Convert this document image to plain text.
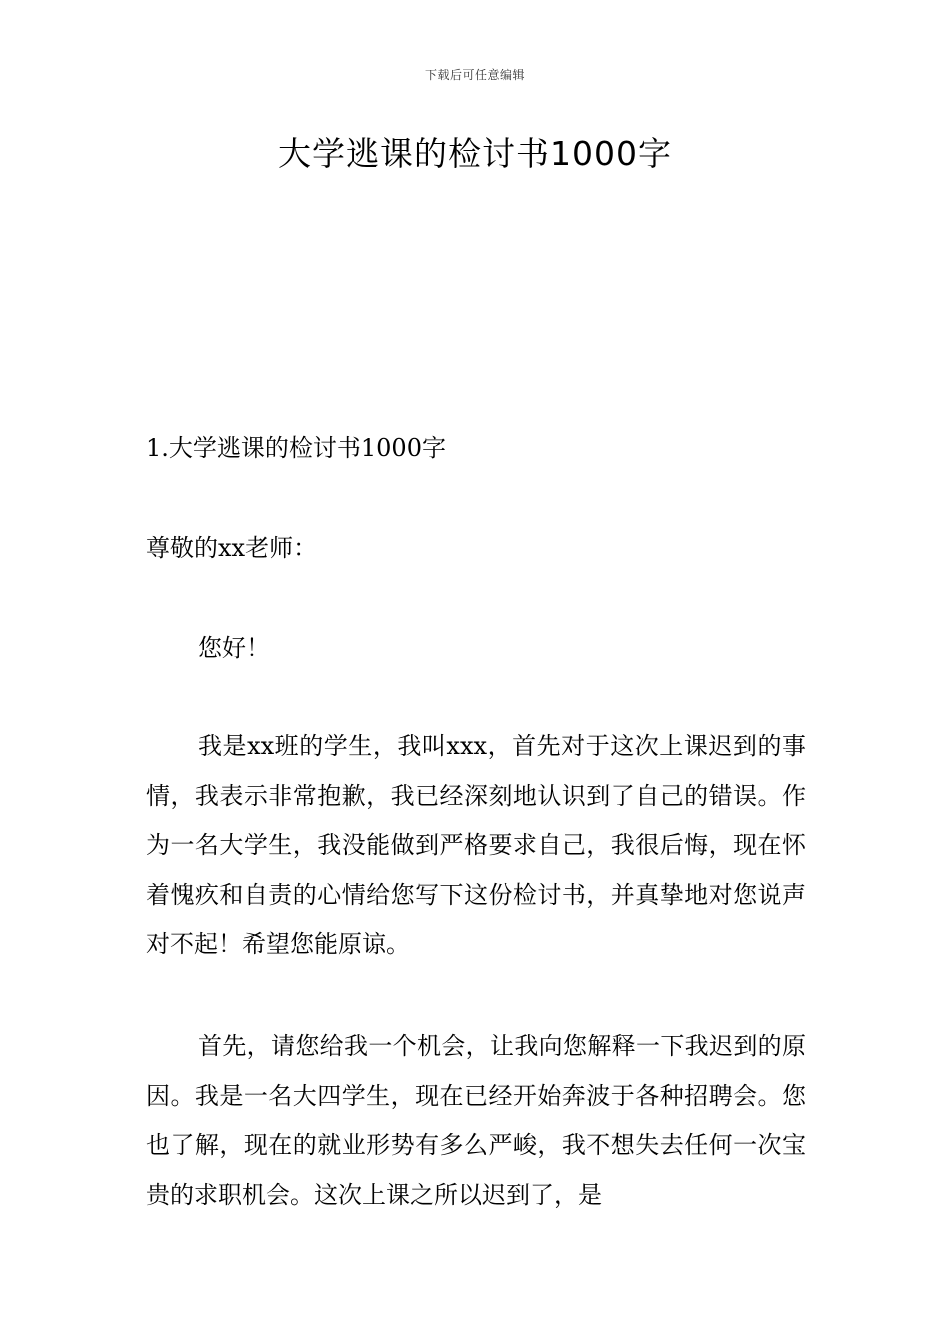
下载后可任意编辑
大学逃课的检讨书1000字

1.大学逃课的检讨书1000字

尊敬的xx老师：

您好！

我是xx班的学生，我叫xxx，首先对于这次上课迟到的事情，我表示非常抱歉，我已经深刻地认识到了自己的错误。作为一名大学生，我没能做到严格要求自己，我很后悔，现在怀着愧疚和自责的心情给您写下这份检讨书，并真挚地对您说声对不起！希望您能原谅。

首先，请您给我一个机会，让我向您解释一下我迟到的原因。我是一名大四学生，现在已经开始奔波于各种招聘会。您也了解，现在的就业形势有多么严峻，我不想失去任何一次宝贵的求职机会。这次上课之所以迟到了，是
